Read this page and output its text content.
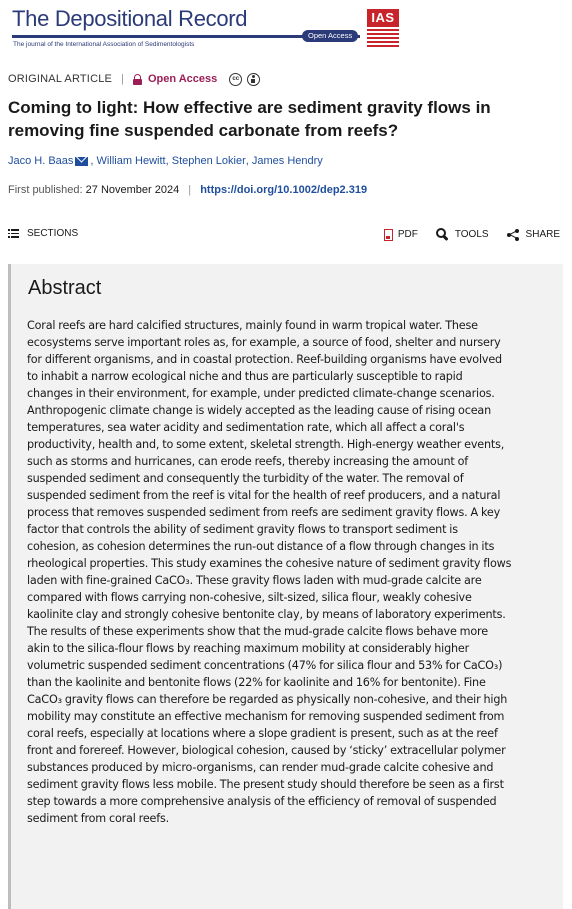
The Depositional Record
Open Access
The journal of the International Association of Sedimentologists
IAS
ORIGINAL ARTICLE | Open Access	cc
Coming to light: How effective are sediment gravity flows in removing fine suspended carbonate from reefs?
Jaco H. Baas , William Hewitt , Stephen Lokier , James Hendry
First published: 27 November 2024 | https://doi.org/10.1002/dep2.319
SECTIONS	PDF	TOOLS	SHARE
Abstract
Coral reefs are hard calcified structures, mainly found in warm tropical water. These
ecosystems serve important roles as, for example, a source of food, shelter and nursery
for different organisms, and in coastal protection. Reef-building organisms have evolved
to inhabit a narrow ecological niche and thus are particularly susceptible to rapid
changes in their environment, for example, under predicted climate-change scenarios.
Anthropogenic climate change is widely accepted as the leading cause of rising ocean
temperatures, sea water acidity and sedimentation rate, which all affect a coral's
productivity, health and, to some extent, skeletal strength. High-energy weather events,
such as storms and hurricanes, can erode reefs, thereby increasing the amount of
suspended sediment and consequently the turbidity of the water. The removal of
suspended sediment from the reef is vital for the health of reef producers, and a natural
process that removes suspended sediment from reefs are sediment gravity flows. A key
factor that controls the ability of sediment gravity flows to transport sediment is
cohesion, as cohesion determines the run-out distance of a flow through changes in its
rheological properties. This study examines the cohesive nature of sediment gravity flows
laden with fine-grained CaCO₃. These gravity flows laden with mud-grade calcite are
compared with flows carrying non-cohesive, silt-sized, silica flour, weakly cohesive
kaolinite clay and strongly cohesive bentonite clay, by means of laboratory experiments.
The results of these experiments show that the mud-grade calcite flows behave more
akin to the silica-flour flows by reaching maximum mobility at considerably higher
volumetric suspended sediment concentrations (47% for silica flour and 53% for CaCO₃)
than the kaolinite and bentonite flows (22% for kaolinite and 16% for bentonite). Fine
CaCO₃ gravity flows can therefore be regarded as physically non-cohesive, and their high
mobility may constitute an effective mechanism for removing suspended sediment from
coral reefs, especially at locations where a slope gradient is present, such as at the reef
front and forereef. However, biological cohesion, caused by ‘sticky’ extracellular polymer
substances produced by micro-organisms, can render mud-grade calcite cohesive and
sediment gravity flows less mobile. The present study should therefore be seen as a first
step towards a more comprehensive analysis of the efficiency of removal of suspended
sediment from coral reefs.
